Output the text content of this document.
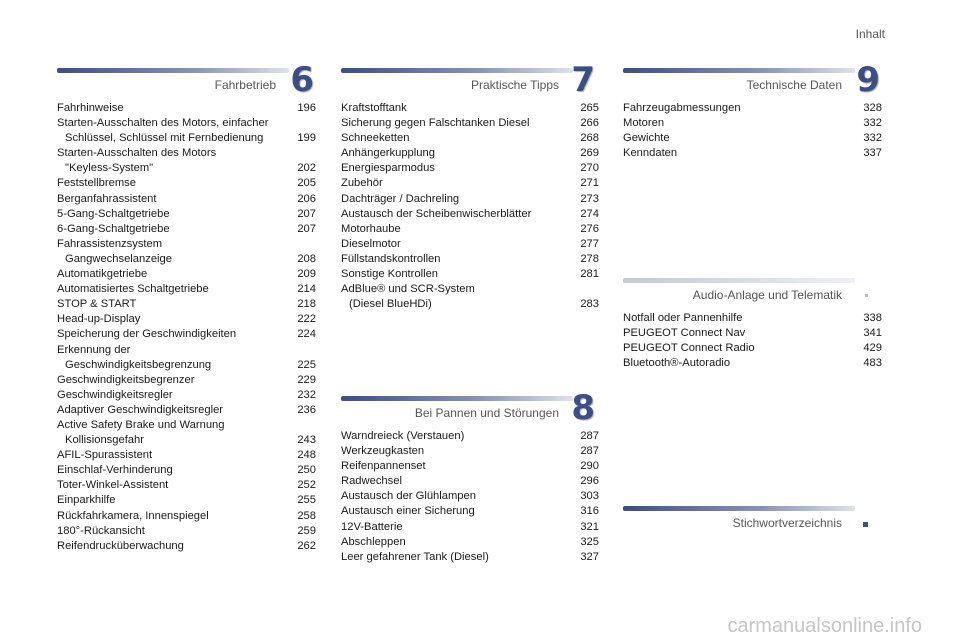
Inhalt
Fahrbetrieb 6
Fahrhinweise	196
Starten-Ausschalten des Motors, einfacher
Schlüssel, Schlüssel mit Fernbedienung	199
Starten-Ausschalten des Motors
"Keyless-System"	202
Feststellbremse	205
Berganfahrassistent	206
5-Gang-Schaltgetriebe	207
6-Gang-Schaltgetriebe	207
Fahrassistenzsystem
Gangwechselanzeige	208
Automatikgetriebe	209
Automatisiertes Schaltgetriebe	214
STOP & START	218
Head-up-Display	222
Speicherung der Geschwindigkeiten	224
Erkennung der
Geschwindigkeitsbegrenzung	225
Geschwindigkeitsbegrenzer	229
Geschwindigkeitsregler	232
Adaptiver Geschwindigkeitsregler	236
Active Safety Brake und Warnung
Kollisionsgefahr	243
AFIL-Spurassistent	248
Einschlaf-Verhinderung	250
Toter-Winkel-Assistent	252
Einparkhilfe	255
Rückfahrkamera, Innenspiegel	258
180°-Rückansicht	259
Reifendrucküberwachung	262
Praktische Tipps 7
Kraftstofftank	265
Sicherung gegen Falschtanken Diesel	266
Schneeketten	268
Anhängerkupplung	269
Energiesparmodus	270
Zubehör	271
Dachträger / Dachreling	273
Austausch der Scheibenwischerblätter	274
Motorhaube	276
Dieselmotor	277
Füllstandskontrollen	278
Sonstige Kontrollen	281
AdBlue® und SCR-System
(Diesel BlueHDi)	283
Bei Pannen und Störungen 8
Warndreieck (Verstauen)	287
Werkzeugkasten	287
Reifenpannenset	290
Radwechsel	296
Austausch der Glühlampen	303
Austausch einer Sicherung	316
12V-Batterie	321
Abschleppen	325
Leer gefahrener Tank (Diesel)	327
Technische Daten 9
Fahrzeugabmessungen	328
Motoren	332
Gewichte	332
Kenndaten	337
Audio-Anlage und Telematik
Notfall oder Pannenhilfe	338
PEUGEOT Connect Nav	341
PEUGEOT Connect Radio	429
Bluetooth®-Autoradio	483
Stichwortverzeichnis
carmanualsonline.info
